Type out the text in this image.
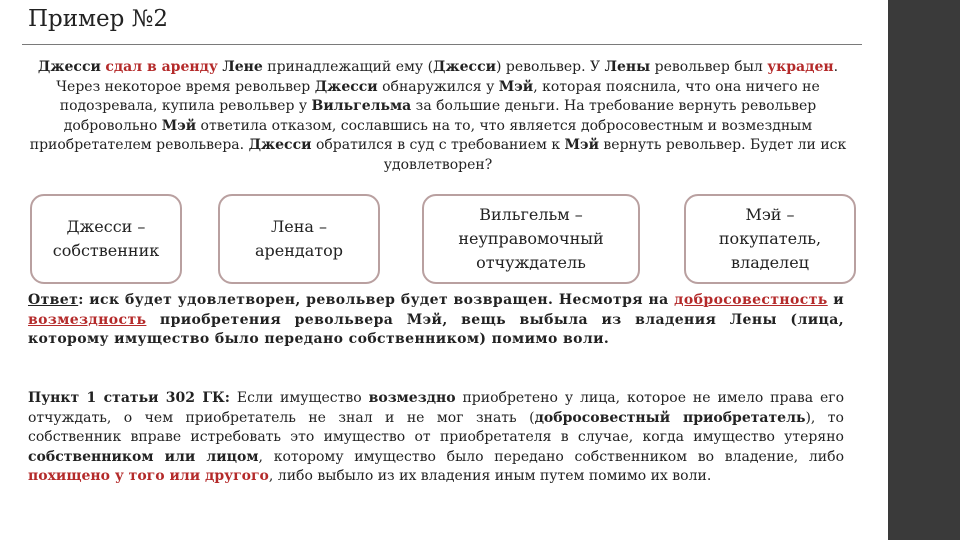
Пример №2
Джесси сдал в аренду Лене принадлежащий ему (Джесси) револьвер. У Лены револьвер был украден. Через некоторое время револьвер Джесси обнаружился у Мэй, которая пояснила, что она ничего не подозревала, купила револьвер у Вильгельма за большие деньги. На требование вернуть револьвер добровольно Мэй ответила отказом, сославшись на то, что является добросовестным и возмездным приобретателем револьвера. Джесси обратился в суд с требованием к Мэй вернуть револьвер. Будет ли иск удовлетворен?
Джесси –
собственник
Лена –
арендатор
Вильгельм –
неуправомочный
отчуждатель
Мэй –
покупатель,
владелец
Ответ: иск будет удовлетворен, револьвер будет возвращен. Несмотря на добросовестность и возмездность приобретения револьвера Мэй, вещь выбыла из владения Лены (лица, которому имущество было передано собственником) помимо воли.
Пункт 1 статьи 302 ГК: Если имущество возмездно приобретено у лица, которое не имело права его отчуждать, о чем приобретатель не знал и не мог знать (добросовестный приобретатель), то собственник вправе истребовать это имущество от приобретателя в случае, когда имущество утеряно собственником или лицом, которому имущество было передано собственником во владение, либо похищено у того или другого, либо выбыло из их владения иным путем помимо их воли.
